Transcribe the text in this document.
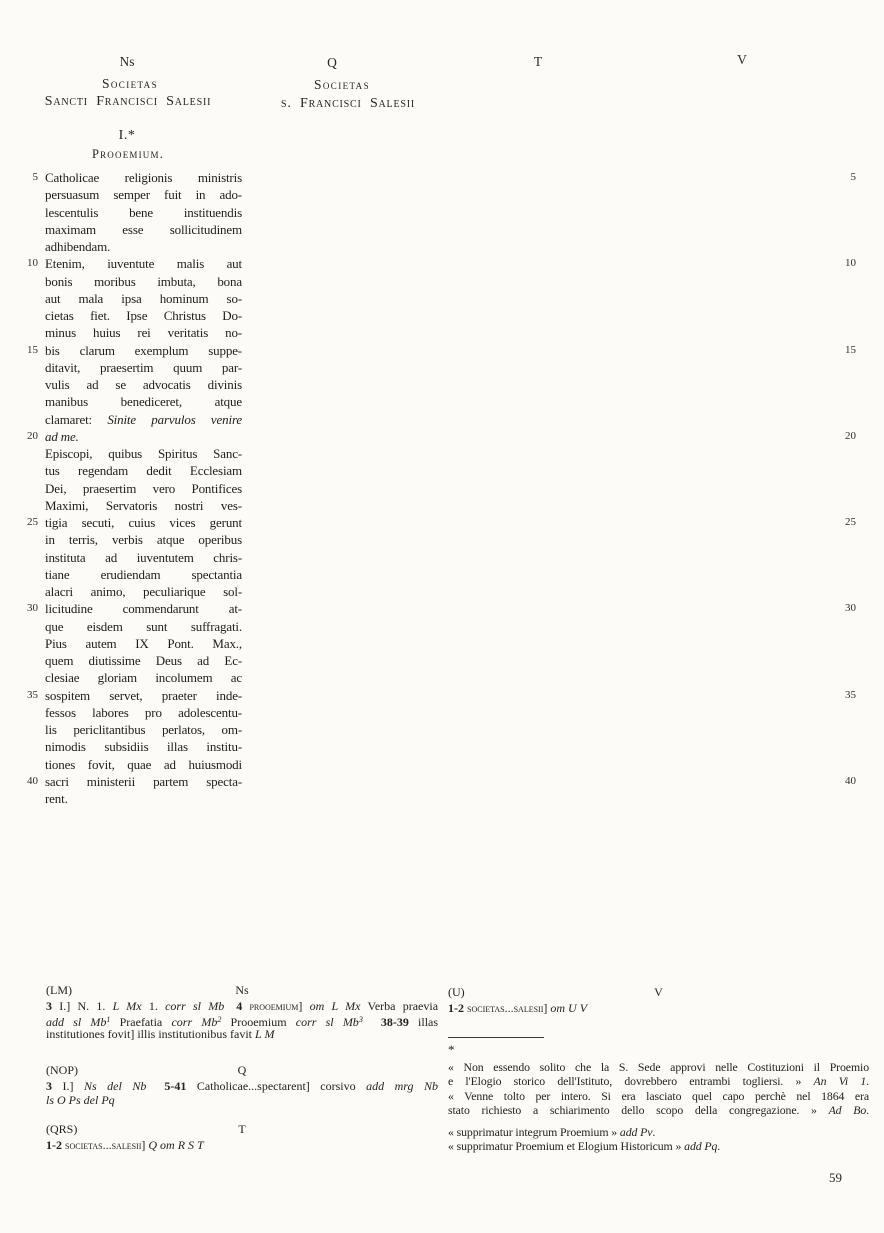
Ns	Q	T	V
Societas
Sancti Francisci Salesii
Societas
s. Francisci Salesii
I.*
Prooemium.
5
10
15
20
25
30
35
40
Catholicae religionis ministris
persuasum semper fuit in ado-
lescentulis bene instituendis
maximam esse sollicitudinem
adhibendam.
Etenim, iuventute malis aut
bonis moribus imbuta, bona
aut mala ipsa hominum so-
cietas fiet. Ipse Christus Do-
minus huius rei veritatis no-
bis clarum exemplum suppe-
ditavit, praesertim quum par-
vulis ad se advocatis divinis
manibus benediceret, atque
clamaret: Sinite parvulos venire
ad me.
Episcopi, quibus Spiritus Sanc-
tus regendam dedit Ecclesiam
Dei, praesertim vero Pontifices
Maximi, Servatoris nostri ves-
tigia secuti, cuius vices gerunt
in terris, verbis atque operibus
instituta ad iuventutem chris-
tiane erudiendam spectantia
alacri animo, peculiarique sol-
licitudine commendarunt at-
que eisdem sunt suffragati.
Pius autem IX Pont. Max.,
quem diutissime Deus ad Ec-
clesiae gloriam incolumem ac
sospitem servet, praeter inde-
fessos labores pro adolescentu-
lis periclitantibus perlatos, om-
nimodis subsidiis illas institu-
tiones fovit, quae ad huiusmodi
sacri ministerii partem specta-
rent.
5
10
15
20
25
30
35
40
(LM)	Ns
3 I.] N. 1. L Mx 1. corr sl Mb  4 prooemium] om L Mx Verba praevia
add sl Mb$^1$ Praefatia corr Mb$^2$ Prooemium corr sl Mb$^3$   38-39 illas
institutiones fovit] illis institutionibus favit L M
(NOP)	Q
3 I.] Ns del Nb   5-41 Catholicae...spectarent] corsivo add mrg Nb
ls O Ps del Pq
(QRS)	T
1-2 societas...salesii] Q om R S T
(U)	V
1-2 societas...salesii] om U V
*
« Non essendo solito che la S. Sede approvi nelle Costituzioni il Proemio
e l'Elogio storico dell'Istituto, dovrebbero entrambi togliersi. » An Vi 1.
« Venne tolto per intero. Si era lasciato quel capo perchè nel 1864 era
stato richiesto a schiarimento dello scopo della congregazione. » Ad Bo.
« supprimatur integrum Proemium » add Pv.
« supprimatur Proemium et Elogium Historicum » add Pq.
59
